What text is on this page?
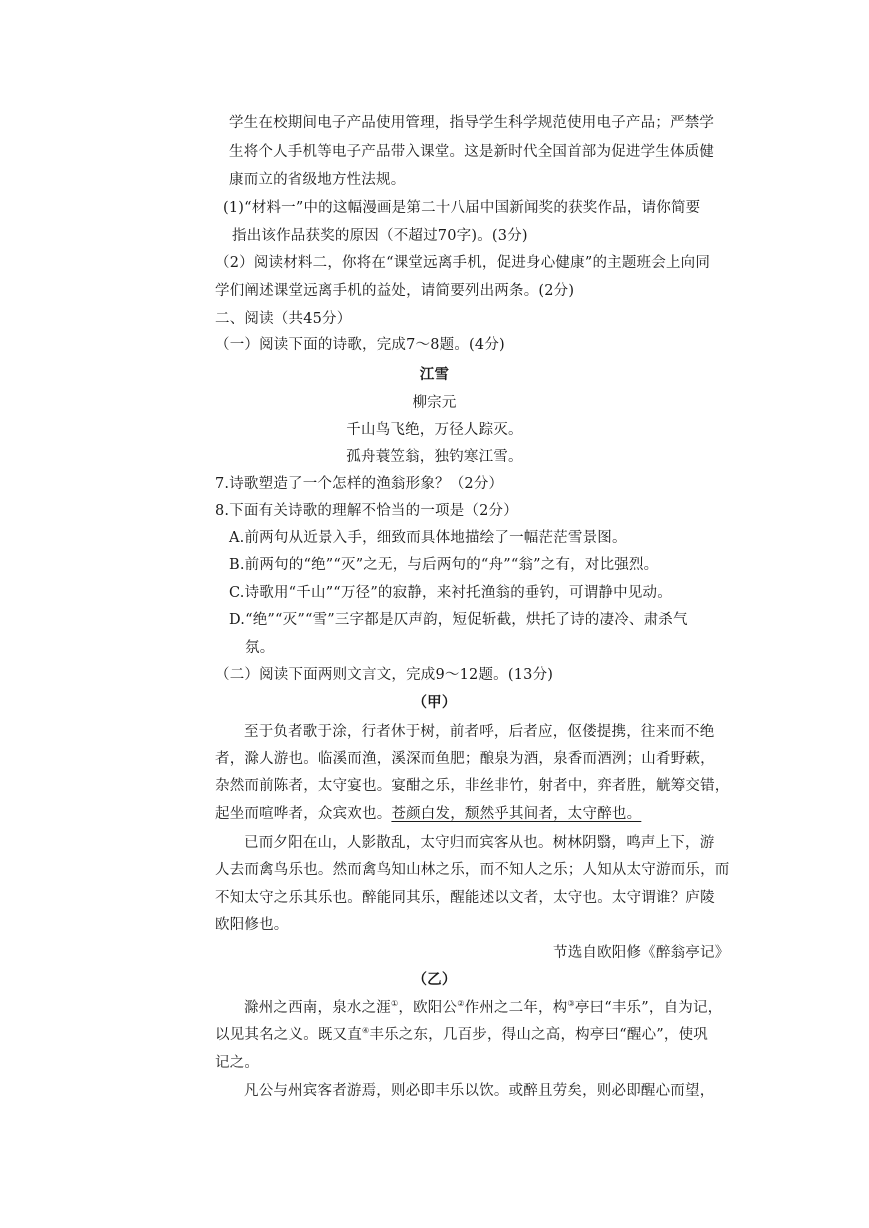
学生在校期间电子产品使用管理，指导学生科学规范使用电子产品；严禁学
生将个人手机等电子产品带入课堂。这是新时代全国首部为促进学生体质健
康而立的省级地方性法规。
(1)“材料一”中的这幅漫画是第二十八届中国新闻奖的获奖作品，请你简要
指出该作品获奖的原因（不超过70字)。(3分)
（2）阅读材料二，你将在“课堂远离手机，促进身心健康”的主题班会上向同
学们阐述课堂远离手机的益处，请简要列出两条。(2分)
二、阅读（共45分）
（一）阅读下面的诗歌，完成7～8题。(4分)
江雪
柳宗元
千山鸟飞绝，万径人踪灭。
孤舟蓑笠翁，独钓寒江雪。
7.诗歌塑造了一个怎样的渔翁形象？（2分）
8.下面有关诗歌的理解不恰当的一项是（2分）
A.前两句从近景入手，细致而具体地描绘了一幅茫茫雪景图。
B.前两句的“绝”“灭”之无，与后两句的“舟”“翁”之有，对比强烈。
C.诗歌用“千山”“万径”的寂静，来衬托渔翁的垂钓，可谓静中见动。
D.“绝”“灭”“雪”三字都是仄声韵，短促斩截，烘托了诗的凄冷、肃杀气
氛。
（二）阅读下面两则文言文，完成9～12题。(13分)
（甲）
至于负者歌于涂，行者休于树，前者呼，后者应，伛偻提携，往来而不绝
者，滁人游也。临溪而渔，溪深而鱼肥；酿泉为酒，泉香而酒洌；山肴野蔌，
杂然而前陈者，太守宴也。宴酣之乐，非丝非竹，射者中，弈者胜，觥筹交错，
起坐而喧哗者，众宾欢也。苍颜白发，颓然乎其间者，太守醉也。
已而夕阳在山，人影散乱，太守归而宾客从也。树林阴翳，鸣声上下，游
人去而禽鸟乐也。然而禽鸟知山林之乐，而不知人之乐；人知从太守游而乐，而
不知太守之乐其乐也。醉能同其乐，醒能述以文者，太守也。太守谓谁？庐陵
欧阳修也。
节选自欧阳修《醉翁亭记》
（乙）
滁州之西南，泉水之涯①，欧阳公②作州之二年，构③亭曰“丰乐”，自为记，
以见其名之义。既又直④丰乐之东，几百步，得山之高，构亭曰“醒心”，使巩
记之。
凡公与州宾客者游焉，则必即丰乐以饮。或醉且劳矣，则必即醒心而望，
